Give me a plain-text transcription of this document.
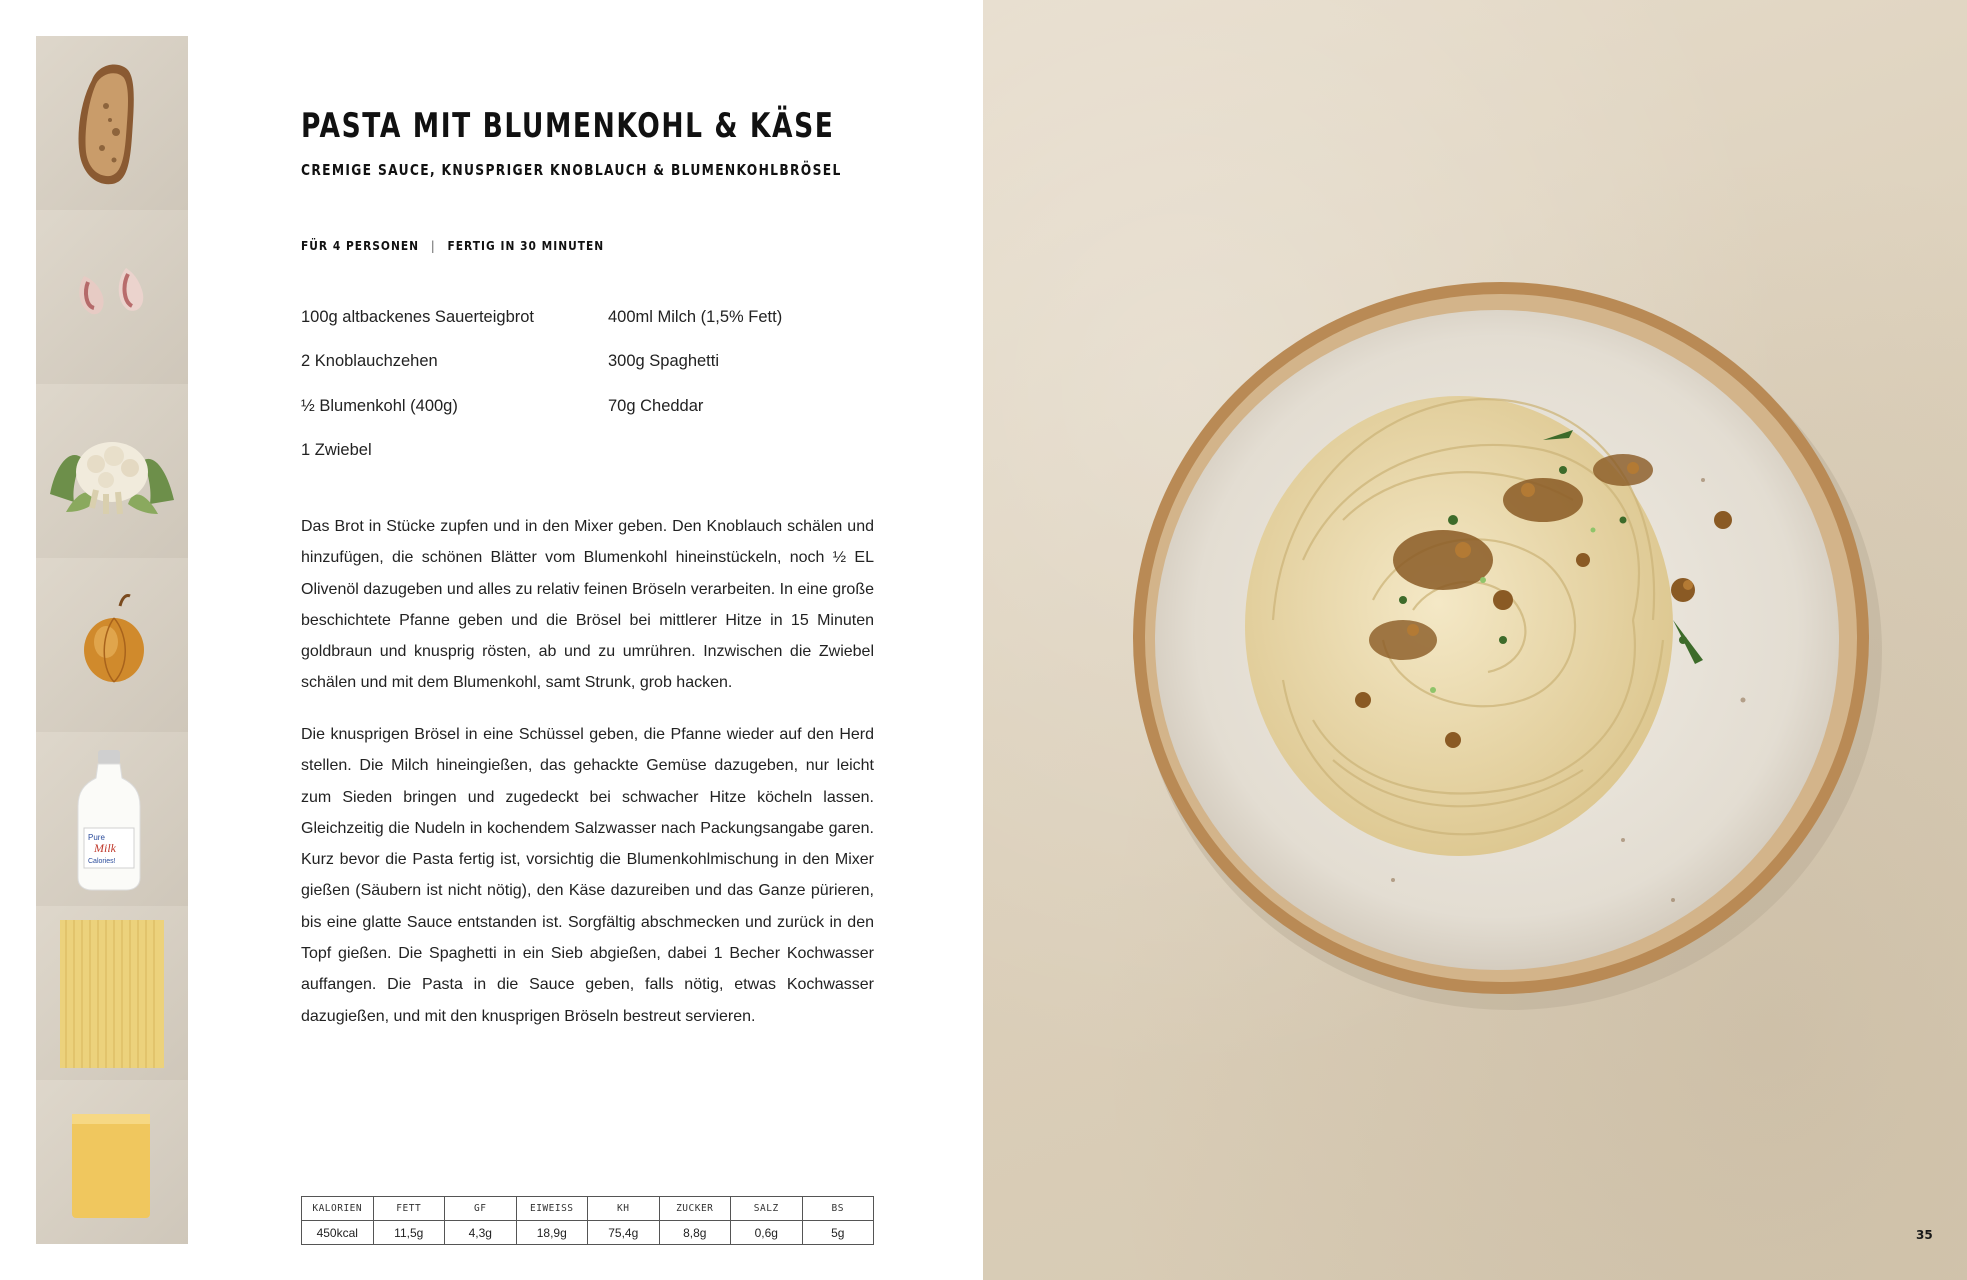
Pure
Milk
Calories!
PASTA MIT BLUMENKOHL & KÄSE
CREMIGE SAUCE, KNUSPRIGER KNOBLAUCH & BLUMENKOHLBRÖSEL
FÜR 4 PERSONEN | FERTIG IN 30 MINUTEN
100g altbackenes Sauerteigbrot
2 Knoblauchzehen
½ Blumenkohl (400g)
1 Zwiebel
400ml Milch (1,5% Fett)
300g Spaghetti
70g Cheddar

Das Brot in Stücke zupfen und in den Mixer geben. Den Knoblauch schälen und hinzufügen, die schönen Blätter vom Blumenkohl hineinstückeln, noch ½ EL Olivenöl dazugeben und alles zu relativ feinen Bröseln verarbeiten. In eine große beschichtete Pfanne geben und die Brösel bei mittlerer Hitze in 15 Minuten goldbraun und knusprig rösten, ab und zu umrühren. Inzwischen die Zwiebel schälen und mit dem Blumenkohl, samt Strunk, grob hacken.

Die knusprigen Brösel in eine Schüssel geben, die Pfanne wieder auf den Herd stellen. Die Milch hineingießen, das gehackte Gemüse dazugeben, nur leicht zum Sieden bringen und zugedeckt bei schwacher Hitze köcheln lassen. Gleichzeitig die Nudeln in kochendem Salzwasser nach Packungsangabe garen. Kurz bevor die Pasta fertig ist, vorsichtig die Blumenkohlmischung in den Mixer gießen (Säubern ist nicht nötig), den Käse dazureiben und das Ganze pürieren, bis eine glatte Sauce entstanden ist. Sorgfältig abschmecken und zurück in den Topf gießen. Die Spaghetti in ein Sieb abgießen, dabei 1 Becher Kochwasser auffangen. Die Pasta in die Sauce geben, falls nötig, etwas Kochwasser dazugießen, und mit den knusprigen Bröseln bestreut servieren.

KALORIEN	FETT	GF	EIWEISS	KH	ZUCKER	SALZ	BS
450kcal	11,5g	4,3g	18,9g	75,4g	8,8g	0,6g	5g	35
